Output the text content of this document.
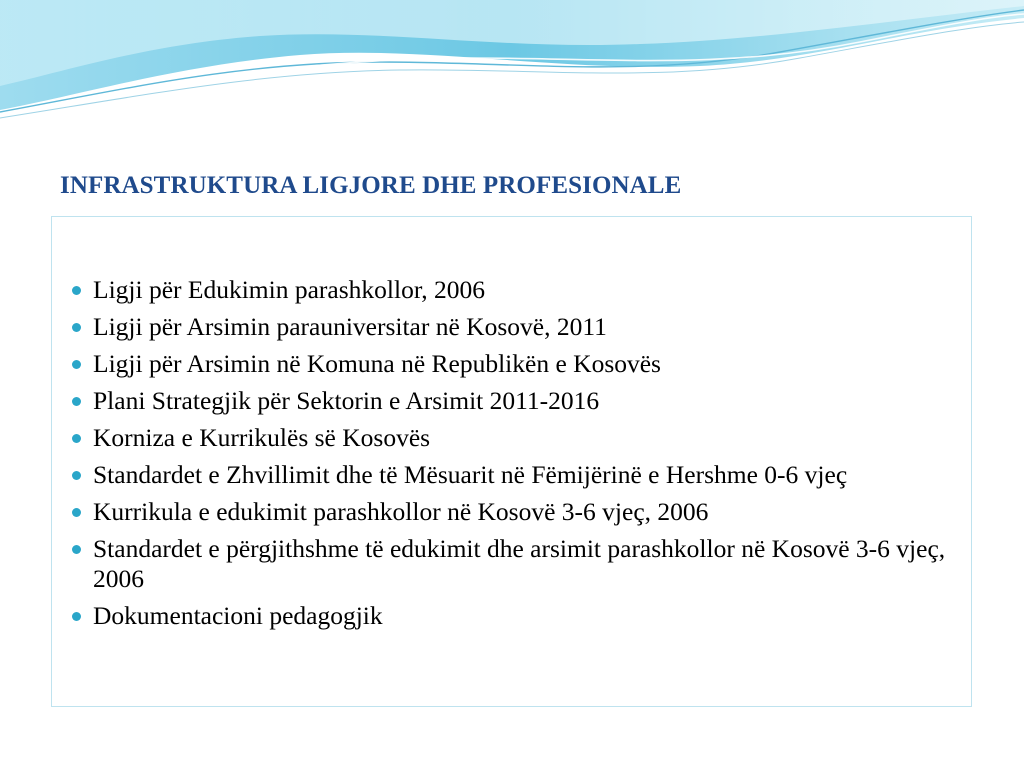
INFRASTRUKTURA LIGJORE DHE PROFESIONALE
Ligji për Edukimin parashkollor, 2006
Ligji për Arsimin parauniversitar në Kosovë, 2011
Ligji për Arsimin në Komuna në Republikën e Kosovës
Plani Strategjik për Sektorin e Arsimit 2011-2016
Korniza e Kurrikulës së Kosovës
Standardet e Zhvillimit dhe të Mësuarit në Fëmijërinë e Hershme 0-6 vjeç
Kurrikula e edukimit parashkollor në Kosovë 3-6 vjeç, 2006
Standardet e përgjithshme të edukimit dhe arsimit parashkollor në Kosovë 3-6 vjeç, 2006
Dokumentacioni pedagogjik
